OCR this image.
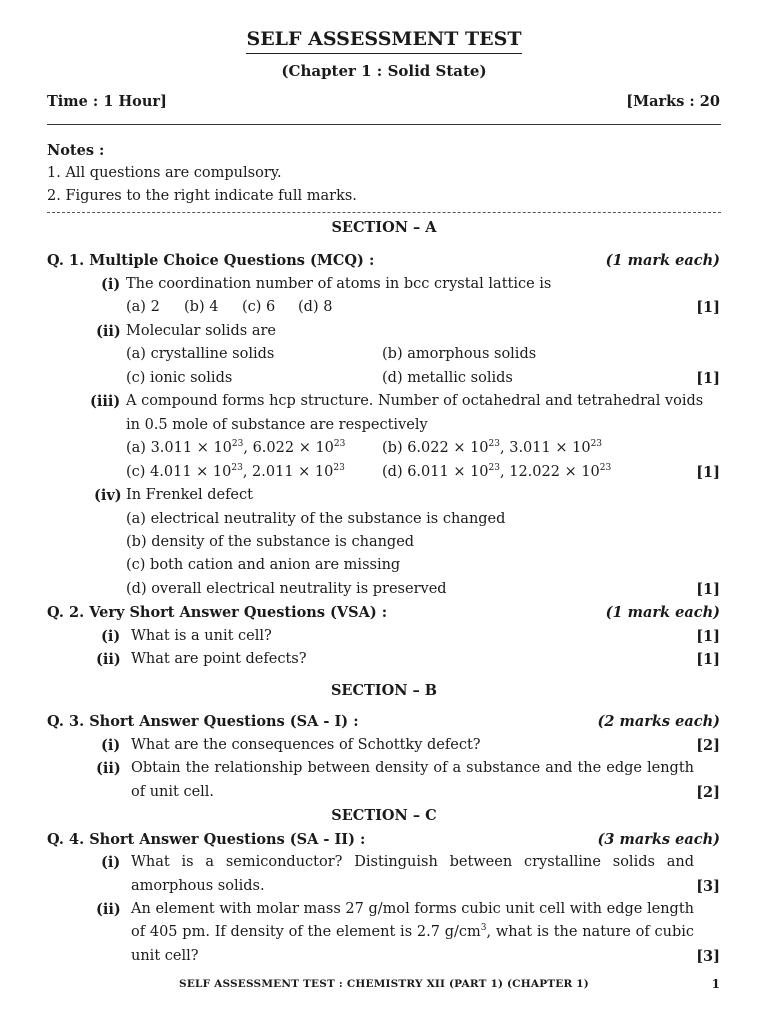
SELF ASSESSMENT TEST
(Chapter 1 : Solid State)
Time : 1 Hour]	[Marks : 20
Notes :
1. All questions are compulsory.
2. Figures to the right indicate full marks.
SECTION – A
Q. 1. Multiple Choice Questions (MCQ) :	(1 mark each)
(i) The coordination number of atoms in bcc crystal lattice is
(a) 2 (b) 4 (c) 6 (d) 8	[1]
(ii) Molecular solids are
(a) crystalline solids	(b) amorphous solids
(c) ionic solids	(d) metallic solids	[1]
(iii) A compound forms hcp structure. Number of octahedral and tetrahedral voids
in 0.5 mole of substance are respectively
(a) $3.011 \times 10^{23}$, $6.022 \times 10^{23}$	(b) $6.022 \times 10^{23}$, $3.011 \times 10^{23}$
(c) $4.011 \times 10^{23}$, $2.011 \times 10^{23}$	(d) $6.011 \times 10^{23}$, $12.022 \times 10^{23}$	[1]
(iv) In Frenkel defect
(a) electrical neutrality of the substance is changed
(b) density of the substance is changed
(c) both cation and anion are missing
(d) overall electrical neutrality is preserved	[1]
Q. 2. Very Short Answer Questions (VSA) :	(1 mark each)
(i) What is a unit cell?	[1]
(ii) What are point defects?	[1]
SECTION – B
Q. 3. Short Answer Questions (SA - I) :	(2 marks each)
(i) What are the consequences of Schottky defect?	[2]
(ii) Obtain the relationship between density of a substance and the edge length
of unit cell.	[2]
SECTION – C
Q. 4. Short Answer Questions (SA - II) :	(3 marks each)
(i) What is a semiconductor? Distinguish between crystalline solids and
amorphous solids.	[3]
(ii) An element with molar mass 27 g/mol forms cubic unit cell with edge length
of 405 pm. If density of the element is 2.7 $g/cm^3$, what is the nature of cubic
unit cell?	[3]
SELF ASSESSMENT TEST : CHEMISTRY XII (PART 1) (CHAPTER 1)	1
